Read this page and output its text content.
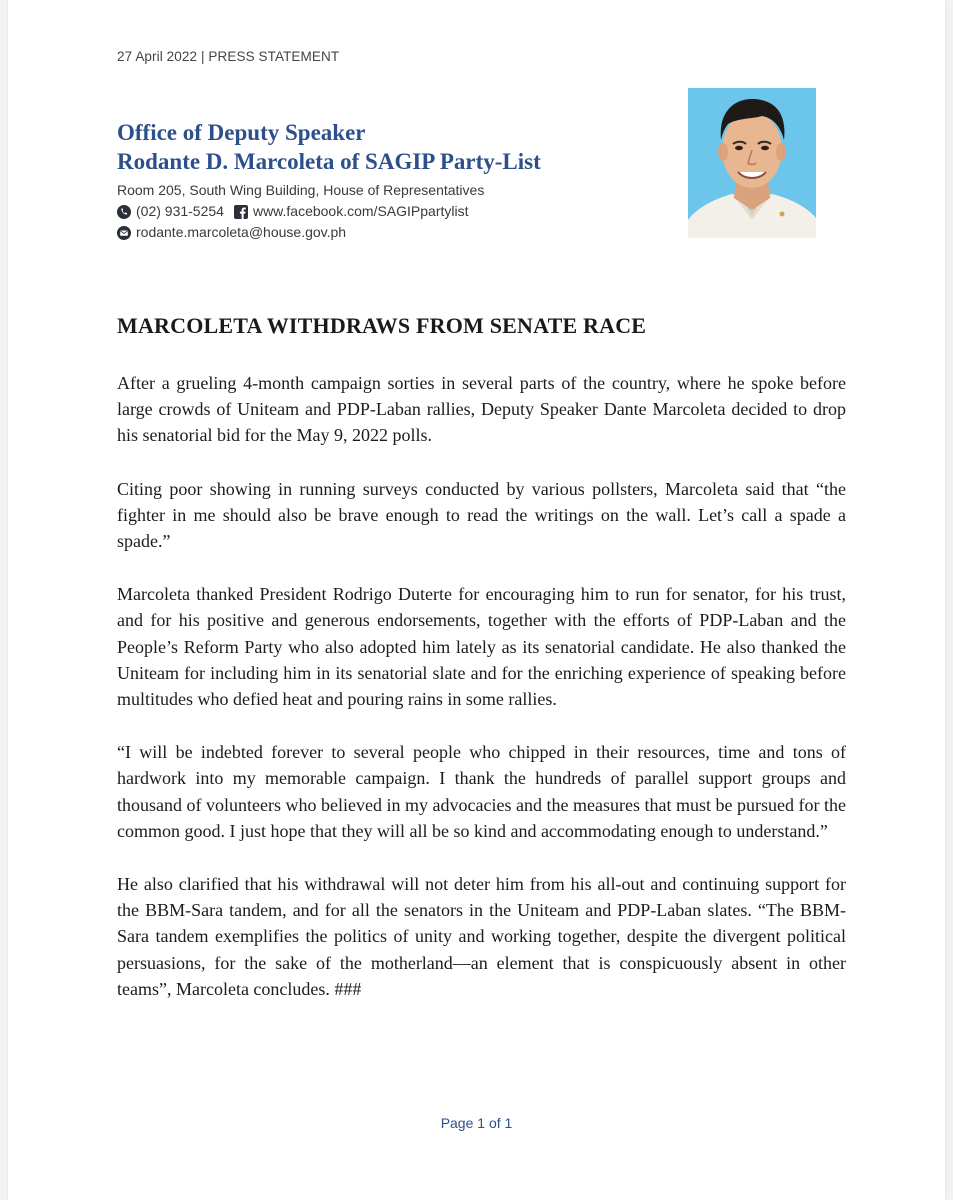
27 April 2022 | PRESS STATEMENT
Office of Deputy Speaker
Rodante D. Marcoleta of SAGIP Party-List
Room 205, South Wing Building, House of Representatives
(02) 931-5254 www.facebook.com/SAGIPpartylist
rodante.marcoleta@house.gov.ph
MARCOLETA WITHDRAWS FROM SENATE RACE

After a grueling 4-month campaign sorties in several parts of the country, where he spoke before large crowds of Uniteam and PDP-Laban rallies, Deputy Speaker Dante Marcoleta decided to drop his senatorial bid for the May 9, 2022 polls.

Citing poor showing in running surveys conducted by various pollsters, Marcoleta said that “the fighter in me should also be brave enough to read the writings on the wall. Let’s call a spade a spade.”

Marcoleta thanked President Rodrigo Duterte for encouraging him to run for senator, for his trust, and for his positive and generous endorsements, together with the efforts of PDP-Laban and the People’s Reform Party who also adopted him lately as its senatorial candidate. He also thanked the Uniteam for including him in its senatorial slate and for the enriching experience of speaking before multitudes who defied heat and pouring rains in some rallies.

“I will be indebted forever to several people who chipped in their resources, time and tons of hardwork into my memorable campaign. I thank the hundreds of parallel support groups and thousand of volunteers who believed in my advocacies and the measures that must be pursued for the common good. I just hope that they will all be so kind and accommodating enough to understand.”

He also clarified that his withdrawal will not deter him from his all-out and continuing support for the BBM-Sara tandem, and for all the senators in the Uniteam and PDP-Laban slates. “The BBM-Sara tandem exemplifies the politics of unity and working together, despite the divergent political persuasions, for the sake of the motherland—an element that is conspicuously absent in other teams”, Marcoleta concludes. ###

Page 1 of 1
